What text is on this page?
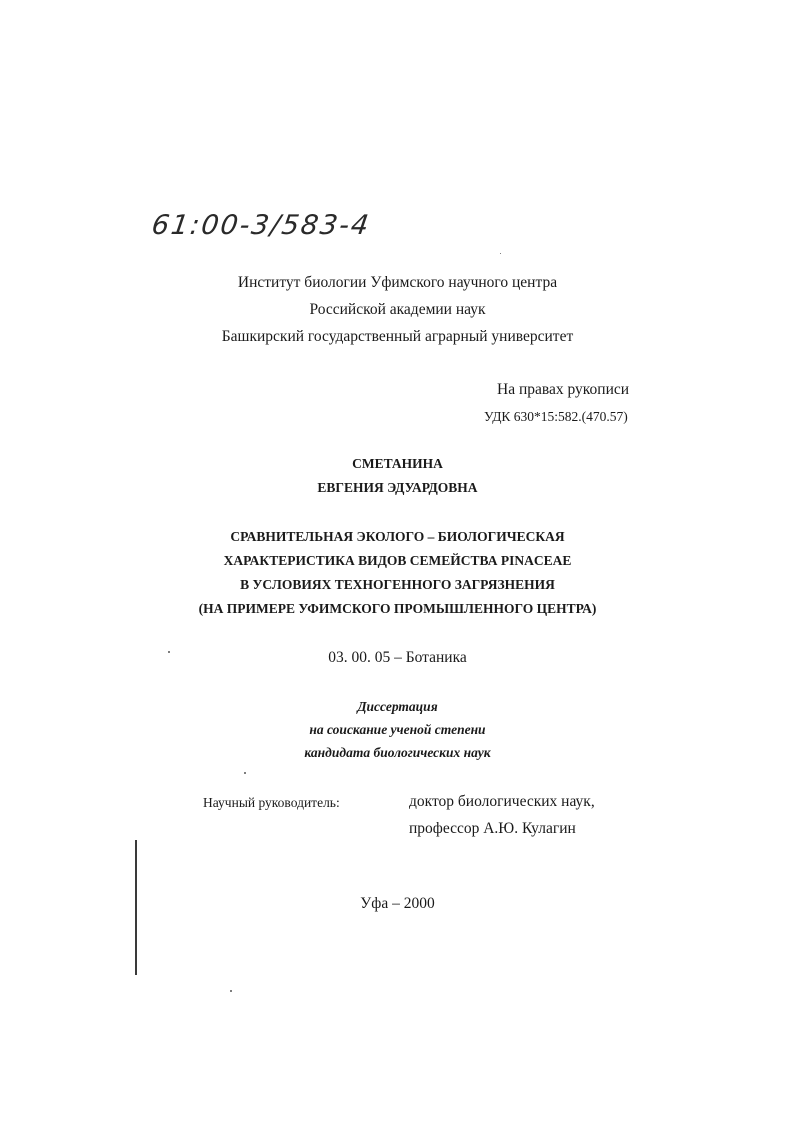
61:00-3/583-4
Институт биологии Уфимского научного центра
Российской академии наук
Башкирский государственный аграрный университет
На правах рукописи
УДК 630*15:582.(470.57)
СМЕТАНИНА
ЕВГЕНИЯ ЭДУАРДОВНА
СРАВНИТЕЛЬНАЯ ЭКОЛОГО – БИОЛОГИЧЕСКАЯ
ХАРАКТЕРИСТИКА ВИДОВ СЕМЕЙСТВА PINACEAE
В УСЛОВИЯХ ТЕХНОГЕННОГО ЗАГРЯЗНЕНИЯ
(НА ПРИМЕРЕ УФИМСКОГО ПРОМЫШЛЕННОГО ЦЕНТРА)
03. 00. 05 – Ботаника
Диссертация
на соискание ученой степени
кандидата биологических наук
Научный руководитель:	доктор биологических наук,
профессор А.Ю. Кулагин
Уфа – 2000
